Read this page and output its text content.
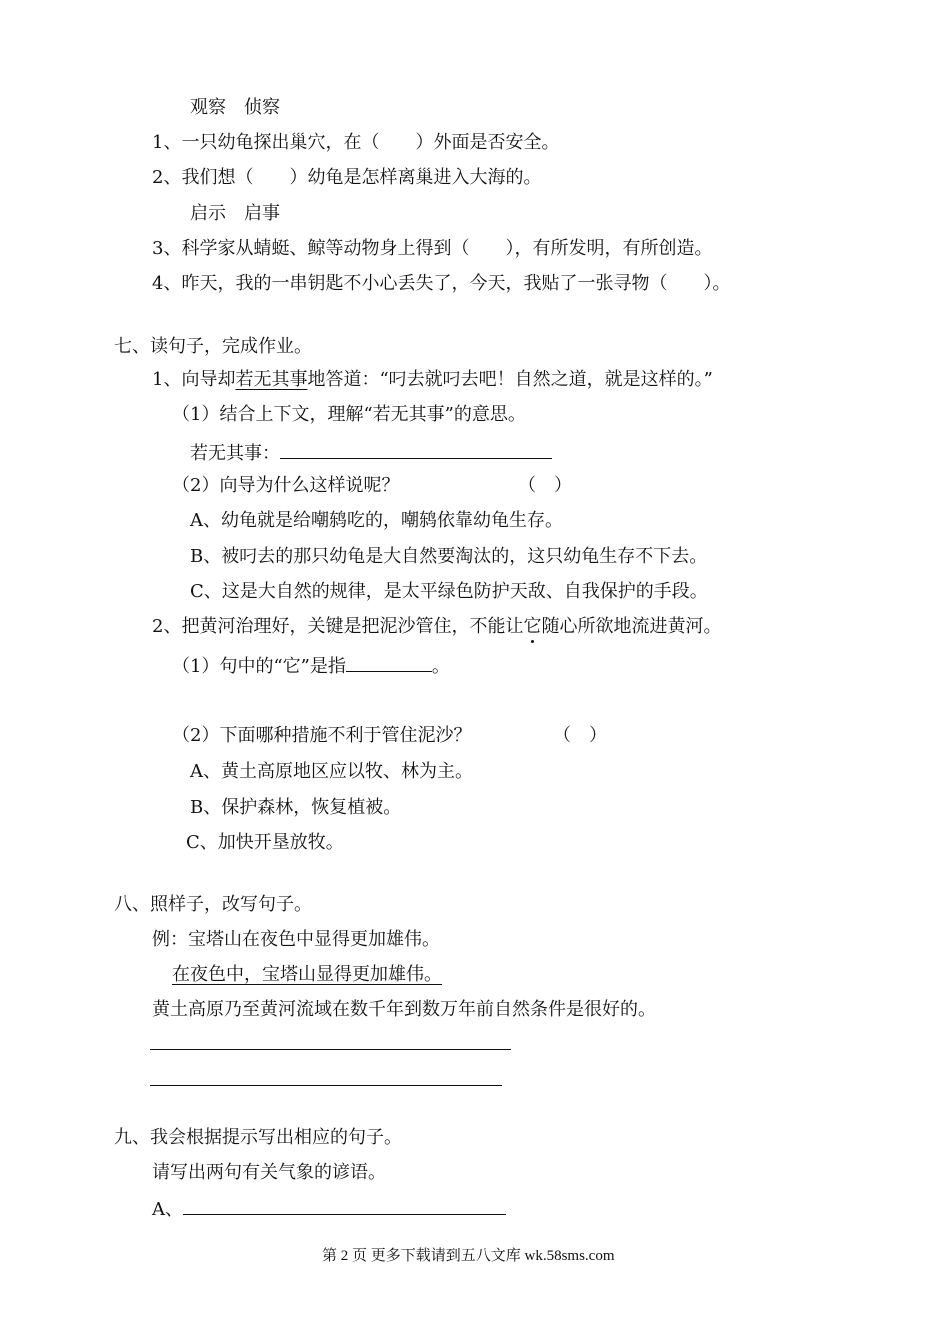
观察　侦察
1、一只幼龟探出巢穴，在（　　）外面是否安全。
2、我们想（　　）幼龟是怎样离巢进入大海的。
启示　启事
3、科学家从蜻蜓、鲸等动物身上得到（　　），有所发明，有所创造。
4、昨天，我的一串钥匙不小心丢失了，今天，我贴了一张寻物（　　）。
七、读句子，完成作业。
1、向导却若无其事地答道：“叼去就叼去吧！自然之道，就是这样的。”
（1）结合上下文，理解“若无其事”的意思。
若无其事：
（2）向导为什么这样说呢？	（　）
A、幼龟就是给嘲鸫吃的，嘲鸫依靠幼龟生存。
B、被叼去的那只幼龟是大自然要淘汰的，这只幼龟生存不下去。
C、这是大自然的规律，是太平绿色防护天敌、自我保护的手段。
2、把黄河治理好，关键是把泥沙管住，不能让它随心所欲地流进黄河。
（1）句中的“它”是指	。
（2）下面哪种措施不利于管住泥沙？	（　）
A、黄土高原地区应以牧、林为主。
B、保护森林，恢复植被。
C、加快开垦放牧。
八、照样子，改写句子。
例：宝塔山在夜色中显得更加雄伟。
在夜色中，宝塔山显得更加雄伟。
黄土高原乃至黄河流域在数千年到数万年前自然条件是很好的。
九、我会根据提示写出相应的句子。
请写出两句有关气象的谚语。
A、
第 2 页 更多下载请到五八文库 wk.58sms.com
